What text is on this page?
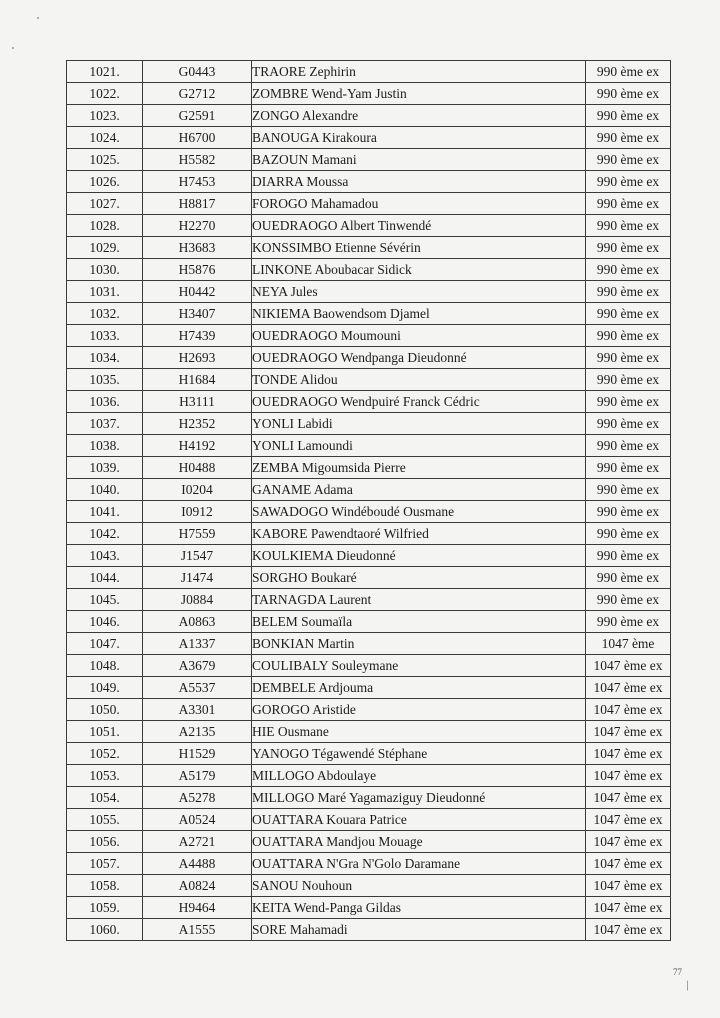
1021.	G0443	TRAORE Zephirin	990 ème ex
1022.	G2712	ZOMBRE Wend-Yam Justin	990 ème ex
1023.	G2591	ZONGO Alexandre	990 ème ex
1024.	H6700	BANOUGA Kirakoura	990 ème ex
1025.	H5582	BAZOUN Mamani	990 ème ex
1026.	H7453	DIARRA Moussa	990 ème ex
1027.	H8817	FOROGO Mahamadou	990 ème ex
1028.	H2270	OUEDRAOGO Albert Tinwendé	990 ème ex
1029.	H3683	KONSSIMBO Etienne Sévérin	990 ème ex
1030.	H5876	LINKONE Aboubacar Sidick	990 ème ex
1031.	H0442	NEYA Jules	990 ème ex
1032.	H3407	NIKIEMA Baowendsom Djamel	990 ème ex
1033.	H7439	OUEDRAOGO Moumouni	990 ème ex
1034.	H2693	OUEDRAOGO Wendpanga Dieudonné	990 ème ex
1035.	H1684	TONDE Alidou	990 ème ex
1036.	H3111	OUEDRAOGO Wendpuiré Franck Cédric	990 ème ex
1037.	H2352	YONLI Labidi	990 ème ex
1038.	H4192	YONLI Lamoundi	990 ème ex
1039.	H0488	ZEMBA Migoumsida Pierre	990 ème ex
1040.	I0204	GANAME Adama	990 ème ex
1041.	I0912	SAWADOGO Windéboudé Ousmane	990 ème ex
1042.	H7559	KABORE Pawendtaoré Wilfried	990 ème ex
1043.	J1547	KOULKIEMA Dieudonné	990 ème ex
1044.	J1474	SORGHO Boukaré	990 ème ex
1045.	J0884	TARNAGDA Laurent	990 ème ex
1046.	A0863	BELEM Soumaïla	990 ème ex
1047.	A1337	BONKIAN Martin	1047 ème
1048.	A3679	COULIBALY Souleymane	1047 ème ex
1049.	A5537	DEMBELE Ardjouma	1047 ème ex
1050.	A3301	GOROGO Aristide	1047 ème ex
1051.	A2135	HIE Ousmane	1047 ème ex
1052.	H1529	YANOGO Tégawendé Stéphane	1047 ème ex
1053.	A5179	MILLOGO Abdoulaye	1047 ème ex
1054.	A5278	MILLOGO Maré Yagamaziguy Dieudonné	1047 ème ex
1055.	A0524	OUATTARA Kouara Patrice	1047 ème ex
1056.	A2721	OUATTARA Mandjou Mouage	1047 ème ex
1057.	A4488	OUATTARA N'Gra N'Golo Daramane	1047 ème ex
1058.	A0824	SANOU Nouhoun	1047 ème ex
1059.	H9464	KEITA Wend-Panga Gildas	1047 ème ex
1060.	A1555	SORE Mahamadi	1047 ème ex
77
/
